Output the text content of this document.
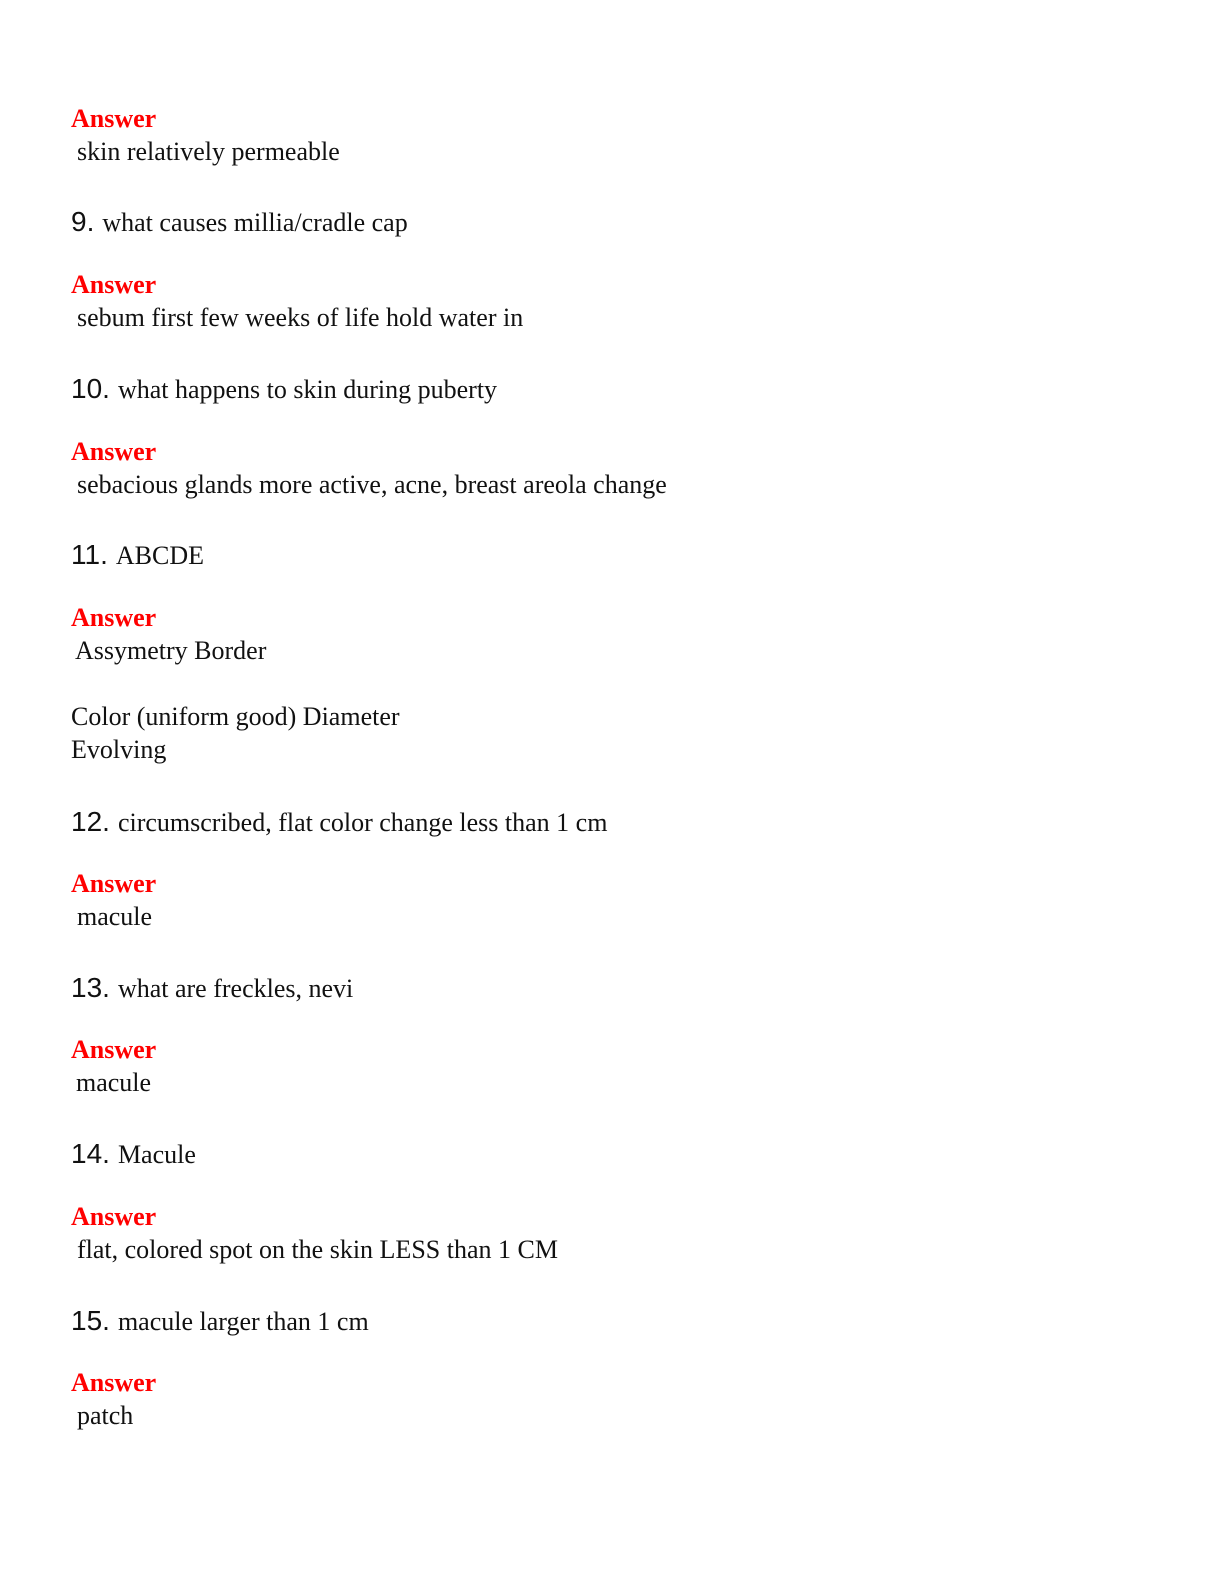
Answer
skin relatively permeable
9. what causes millia/cradle cap
Answer
sebum first few weeks of life hold water in
10. what happens to skin during puberty
Answer
sebacious glands more active, acne, breast areola change
11. ABCDE
Answer
Assymetry Border
Color (uniform good) Diameter
Evolving
12. circumscribed, flat color change less than 1 cm
Answer
macule
13. what are freckles, nevi
Answer
macule
14. Macule
Answer
flat, colored spot on the skin LESS than 1 CM
15. macule larger than 1 cm
Answer
patch
